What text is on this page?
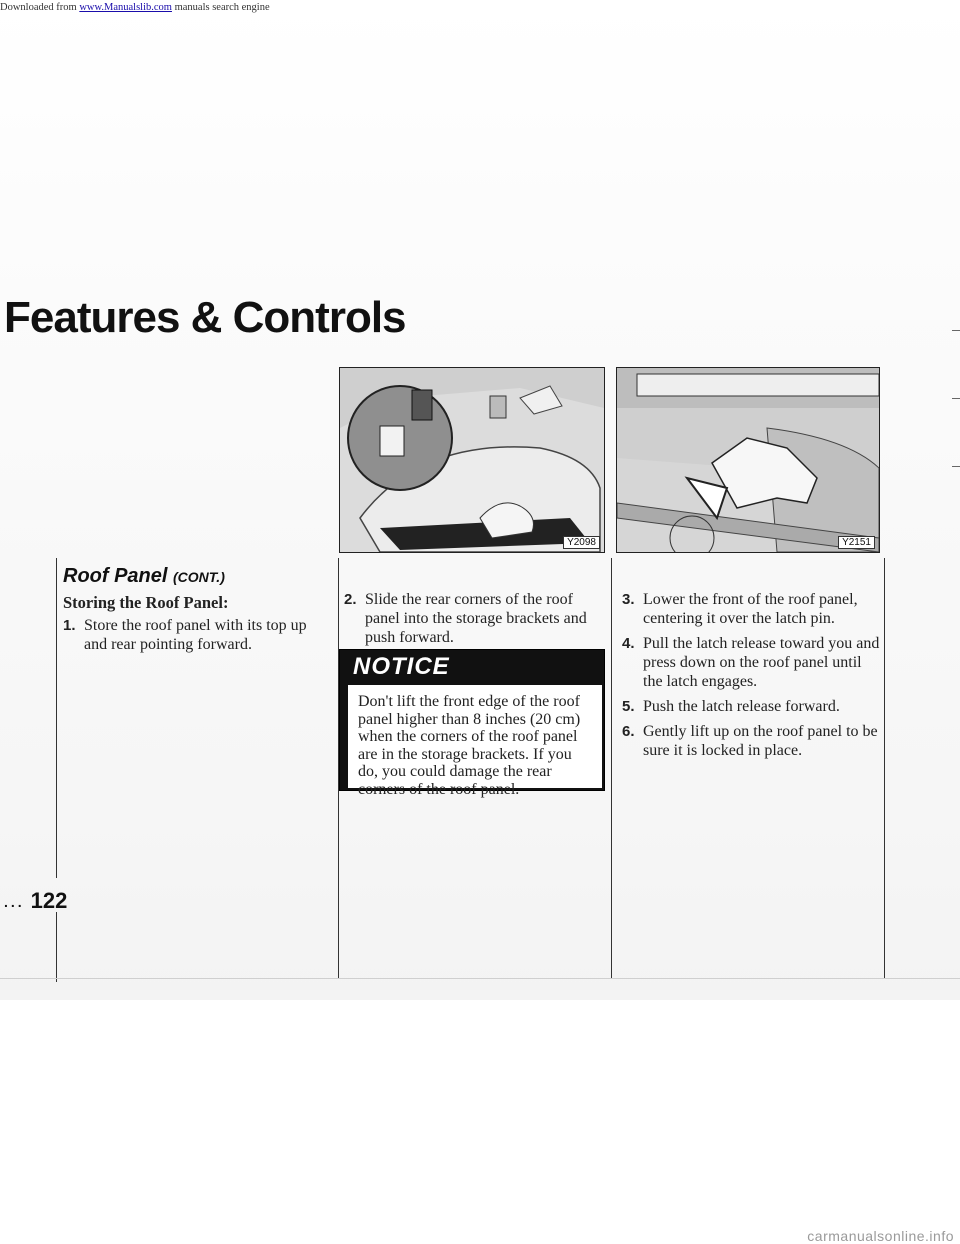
Downloaded from www.Manualslib.com manuals search engine
Features & Controls
Y2098	Y2151
Roof Panel (CONT.)
Storing the Roof Panel:
1. Store the roof panel with its top up and rear pointing forward.
2. Slide the rear corners of the roof panel into the storage brackets and push forward.
NOTICE
Don't lift the front edge of the roof panel higher than 8 inches (20 cm) when the corners of the roof panel are in the storage brackets. If you do, you could damage the rear corners of the roof panel.
3. Lower the front of the roof panel, centering it over the latch pin.
4. Pull the latch release toward you and press down on the roof panel until the latch engages.
5. Push the latch release forward.
6. Gently lift up on the roof panel to be sure it is locked in place.
... 122
carmanualsonline.info
